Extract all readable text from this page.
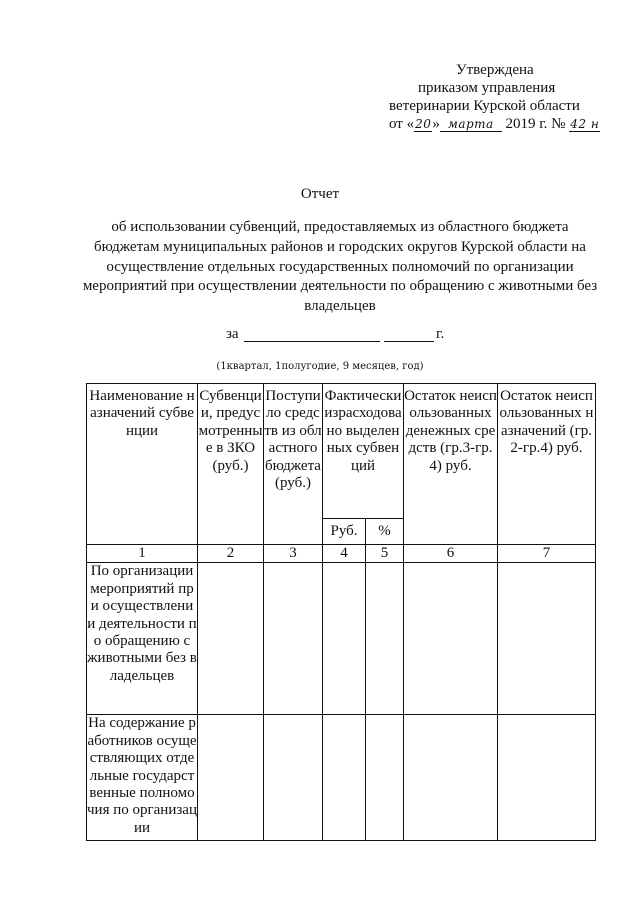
Утверждена
приказом управления
ветеринарии Курской области
от «20» марта 2019 г. № 42 н
Отчет
об использовании субвенций, предоставляемых из областного бюджета бюджетам муниципальных районов и городских округов Курской области на осуществление отдельных государственных полномочий по организации мероприятий при осуществлении деятельности по обращению с животными без владельцев
за	г.
(1квартал, 1полугодие, 9 месяцев, год)
Наименование назначений субвенции	Субвенции, предусмотренные в ЗКО (руб.)	Поступило средств из областного бюджета (руб.)	Фактически израсходовано выделенных субвенций		Остаток неиспользованных денежных средств (гр.3-гр.4) руб.	Остаток неиспользованных назначений (гр.2-гр.4) руб.

			Руб.	%		
1	2	3	4	5	6	7
По организации мероприятий при осуществлении деятельности по обращению с животными без владельцев						
На содержание работников осуществляющих отдельные государственные полномочия по организации						
